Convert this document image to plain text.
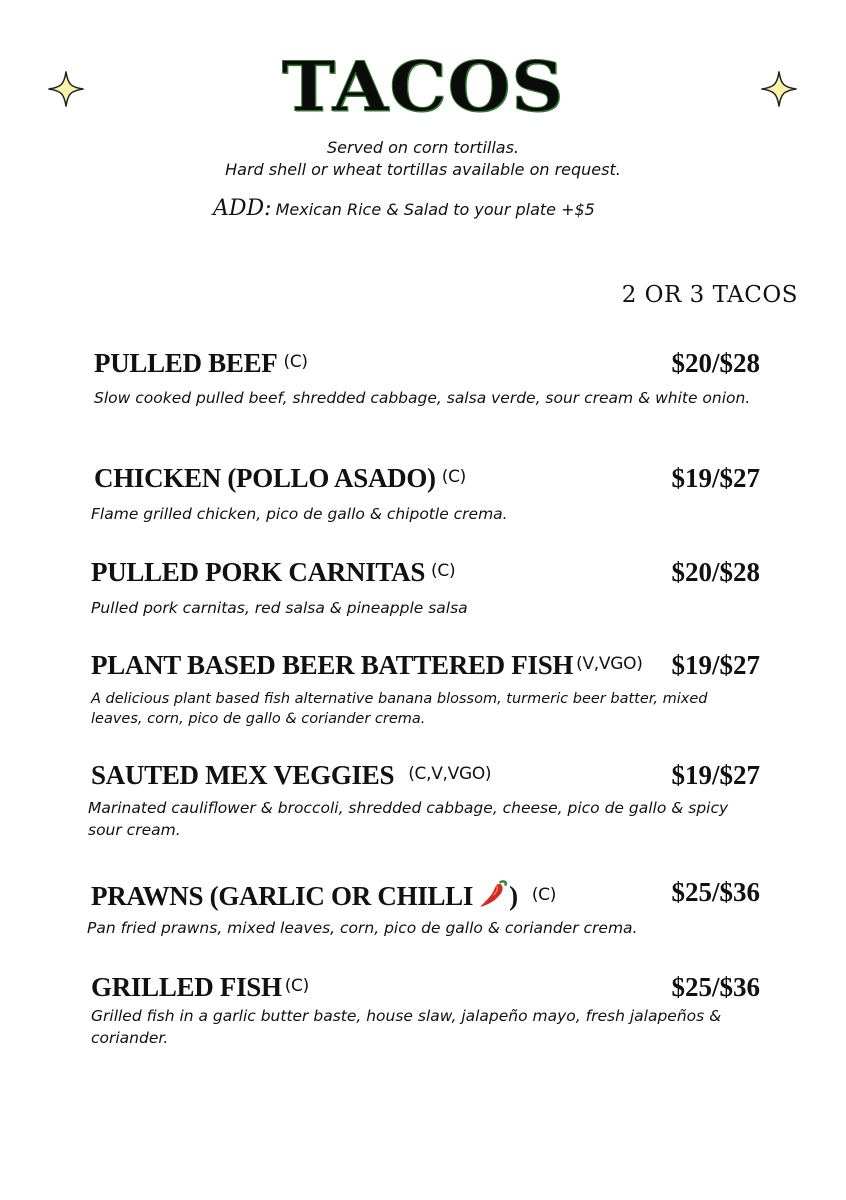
TACOS
Served on corn tortillas.
Hard shell or wheat tortillas available on request.
ADD: Mexican Rice & Salad to your plate +$5
2 OR 3 TACOS
PULLED BEEF (C)	$20/$28
Slow cooked pulled beef, shredded cabbage, salsa verde, sour cream & white onion.
CHICKEN (POLLO ASADO) (C)	$19/$27
Flame grilled chicken, pico de gallo & chipotle crema.
PULLED PORK CARNITAS (C)	$20/$28
Pulled pork carnitas, red salsa & pineapple salsa
PLANT BASED BEER BATTERED FISH (V,VGO) $19/$27
A delicious plant based fish alternative banana blossom, turmeric beer batter, mixed leaves, corn, pico de gallo & coriander crema.
SAUTED MEX VEGGIES (C,V,VGO)	$19/$27
Marinated cauliflower & broccoli, shredded cabbage, cheese, pico de gallo & spicy sour cream.
PRAWNS (GARLIC OR CHILLI ) (C)	$25/$36
Pan fried prawns, mixed leaves, corn, pico de gallo & coriander crema.
GRILLED FISH (C)	$25/$36
Grilled fish in a garlic butter baste, house slaw, jalapeño mayo, fresh jalapeños & coriander.
